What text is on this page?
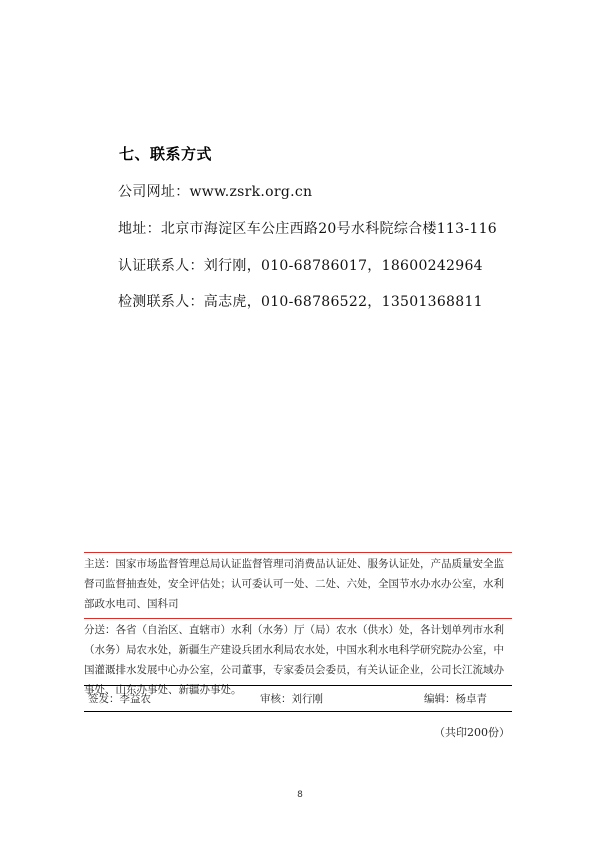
七、联系方式
公司网址：www.zsrk.org.cn
地址：北京市海淀区车公庄西路20号水科院综合楼113-116
认证联系人：刘行刚，010-68786017，18600242964
检测联系人：高志虎，010-68786522，13501368811
主送：国家市场监督管理总局认证监督管理司消费品认证处、服务认证处，产品质量安全监督司监督抽查处，安全评估处；认可委认可一处、二处、六处，全国节水办水办公室，水利部政水电司、国科司
分送：各省（自治区、直辖市）水利（水务）厅（局）农水（供水）处，各计划单列市水利（水务）局农水处，新疆生产建设兵团水利局农水处，中国水利水电科学研究院办公室，中国灌溉排水发展中心办公室，公司董事，专家委员会委员，有关认证企业，公司长江流域办事处、山东办事处、新疆办事处。
签发：李益农	审核：刘行刚	编辑：杨卓青
（共印200份）
8
